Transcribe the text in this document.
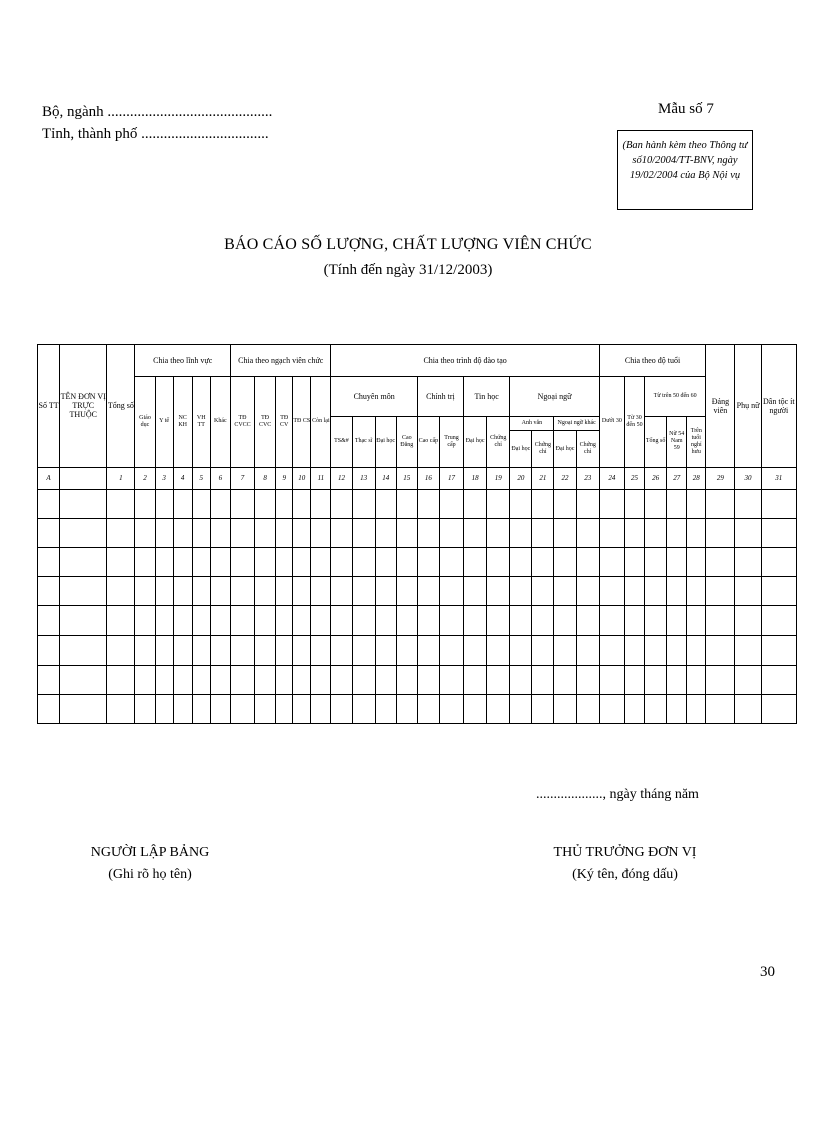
Bộ, ngành ............................................
Tỉnh, thành phố ..................................
Mẫu số 7
(Ban hành kèm theo Thông tư số10/2004/TT-BNV, ngày 19/02/2004 của Bộ Nội vụ
BÁO CÁO SỐ LƯỢNG, CHẤT LƯỢNG VIÊN CHỨC
(Tính đến ngày 31/12/2003)
Số TT	TÊN ĐƠN VỊ TRỰC THUỘC	Tổng số	Chia theo lĩnh vực					Chia theo ngạch viên chức					Chia theo trình độ đào tạo												Chia theo độ tuổi					Đảng viên	Phụ nữ	Dân tộc ít người
			Giáo dục	Y tế	NC KH	VH TT	Khác	TĐ CVCC	TĐ CVC	TĐ CV	TĐ CS	Còn lại	Chuyên môn				Chính trị		Tin học		Ngoại ngữ				Dưới 30	Từ 30 đến 50	Từ trên 50 đến 60					
													TS&#	Thạc sĩ	Đại học	Cao Đẳng	Cao cấp	Trung cấp	Đại học	Chứng chỉ	Anh văn		Ngoại ngữ khác				Tổng số	Nữ 54 Nam 59	Trên tuổi nghỉ hưu			
																					Đại học	Chứng chỉ	Đại học	Chứng chỉ								
A		1	2	3	4	5	6	7	8	9	10	11	12	13	14	15	16	17	18	19	20	21	22	23	24	25	26	27	28	29	30	31

..................., ngày tháng năm
NGƯỜI LẬP BẢNG
(Ghi rõ họ tên)
THỦ TRƯỞNG ĐƠN VỊ
(Ký tên, đóng dấu)
30
